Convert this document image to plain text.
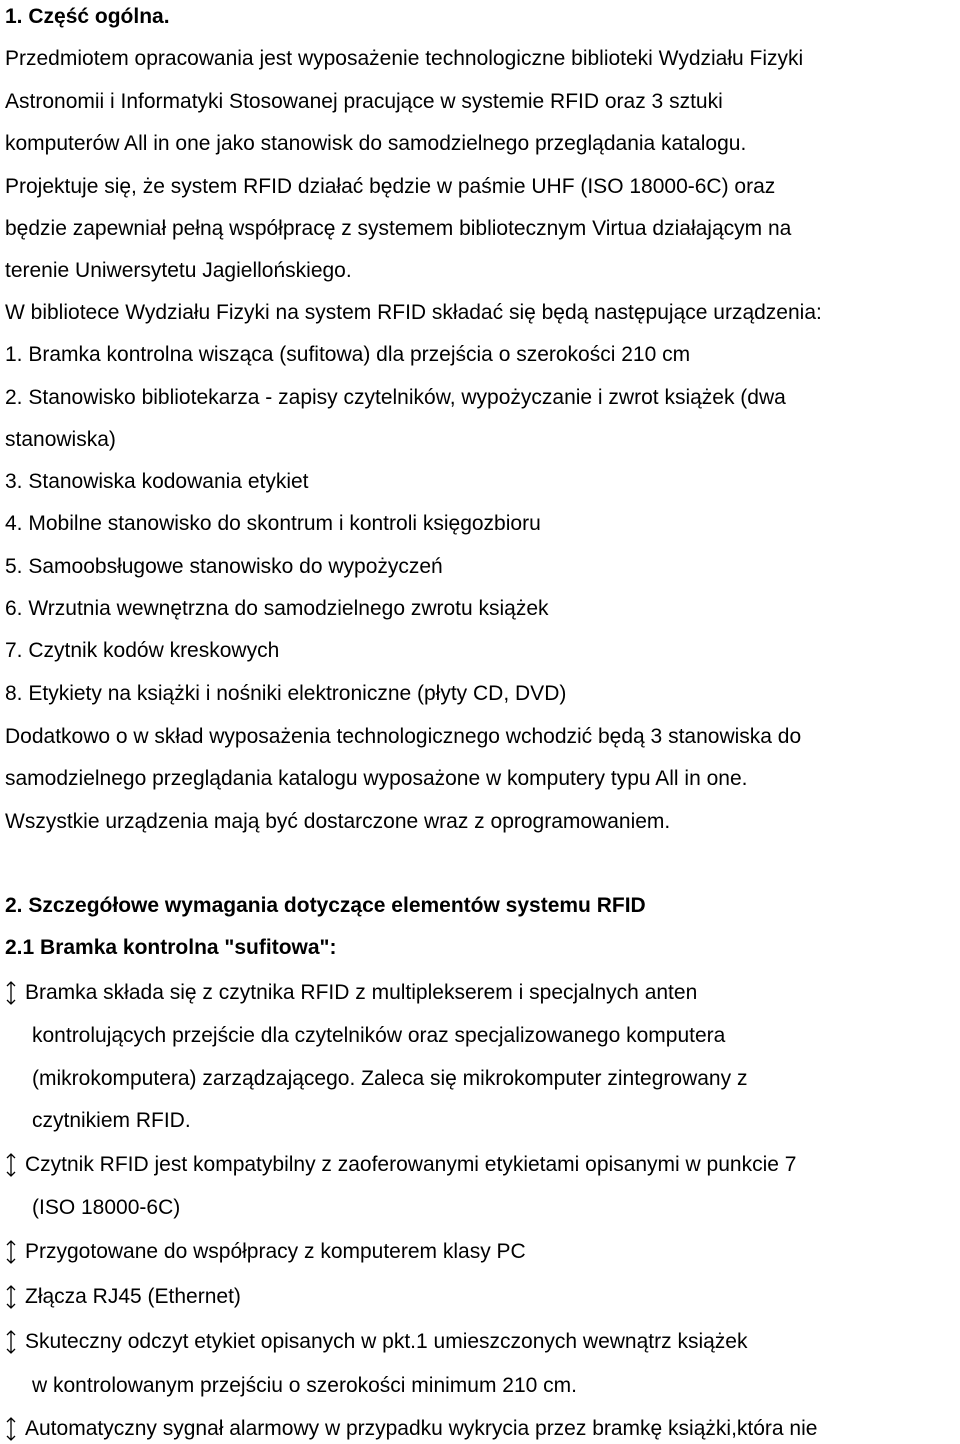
1. Część ogólna.
Przedmiotem opracowania jest wyposażenie technologiczne biblioteki Wydziału Fizyki
Astronomii i Informatyki Stosowanej pracujące w systemie RFID oraz 3 sztuki
komputerów All in one jako stanowisk do samodzielnego przeglądania katalogu.
Projektuje się, że system RFID działać będzie w paśmie UHF (ISO 18000-6C) oraz
będzie zapewniał pełną współpracę z systemem bibliotecznym Virtua działającym na
terenie Uniwersytetu Jagiellońskiego.
W bibliotece Wydziału Fizyki na system RFID składać się będą następujące urządzenia:
1. Bramka kontrolna wisząca (sufitowa) dla przejścia o szerokości 210 cm
2. Stanowisko bibliotekarza - zapisy czytelników, wypożyczanie i zwrot książek (dwa
stanowiska)
3. Stanowiska kodowania etykiet
4. Mobilne stanowisko do skontrum i kontroli księgozbioru
5. Samoobsługowe stanowisko do wypożyczeń
6. Wrzutnia wewnętrzna do samodzielnego zwrotu książek
7. Czytnik kodów kreskowych
8. Etykiety na książki i nośniki elektroniczne (płyty CD, DVD)
Dodatkowo o w skład wyposażenia technologicznego wchodzić będą 3 stanowiska do
samodzielnego przeglądania katalogu wyposażone w komputery typu All in one.
Wszystkie urządzenia mają być dostarczone wraz z oprogramowaniem.
2. Szczegółowe wymagania dotyczące elementów systemu RFID
2.1 Bramka kontrolna "sufitowa":
Bramka składa się z czytnika RFID z multiplekserem i specjalnych anten
kontrolujących przejście dla czytelników oraz specjalizowanego komputera
(mikrokomputera) zarządzającego. Zaleca się mikrokomputer zintegrowany z
czytnikiem RFID.
Czytnik RFID jest kompatybilny z zaoferowanymi etykietami opisanymi w punkcie 7
(ISO 18000-6C)
Przygotowane do współpracy z komputerem klasy PC
Złącza RJ45 (Ethernet)
Skuteczny odczyt etykiet opisanych w pkt.1 umieszczonych wewnątrz książek
w kontrolowanym przejściu o szerokości minimum 210 cm.
Automatyczny sygnał alarmowy w przypadku wykrycia przez bramkę książki,która nie
